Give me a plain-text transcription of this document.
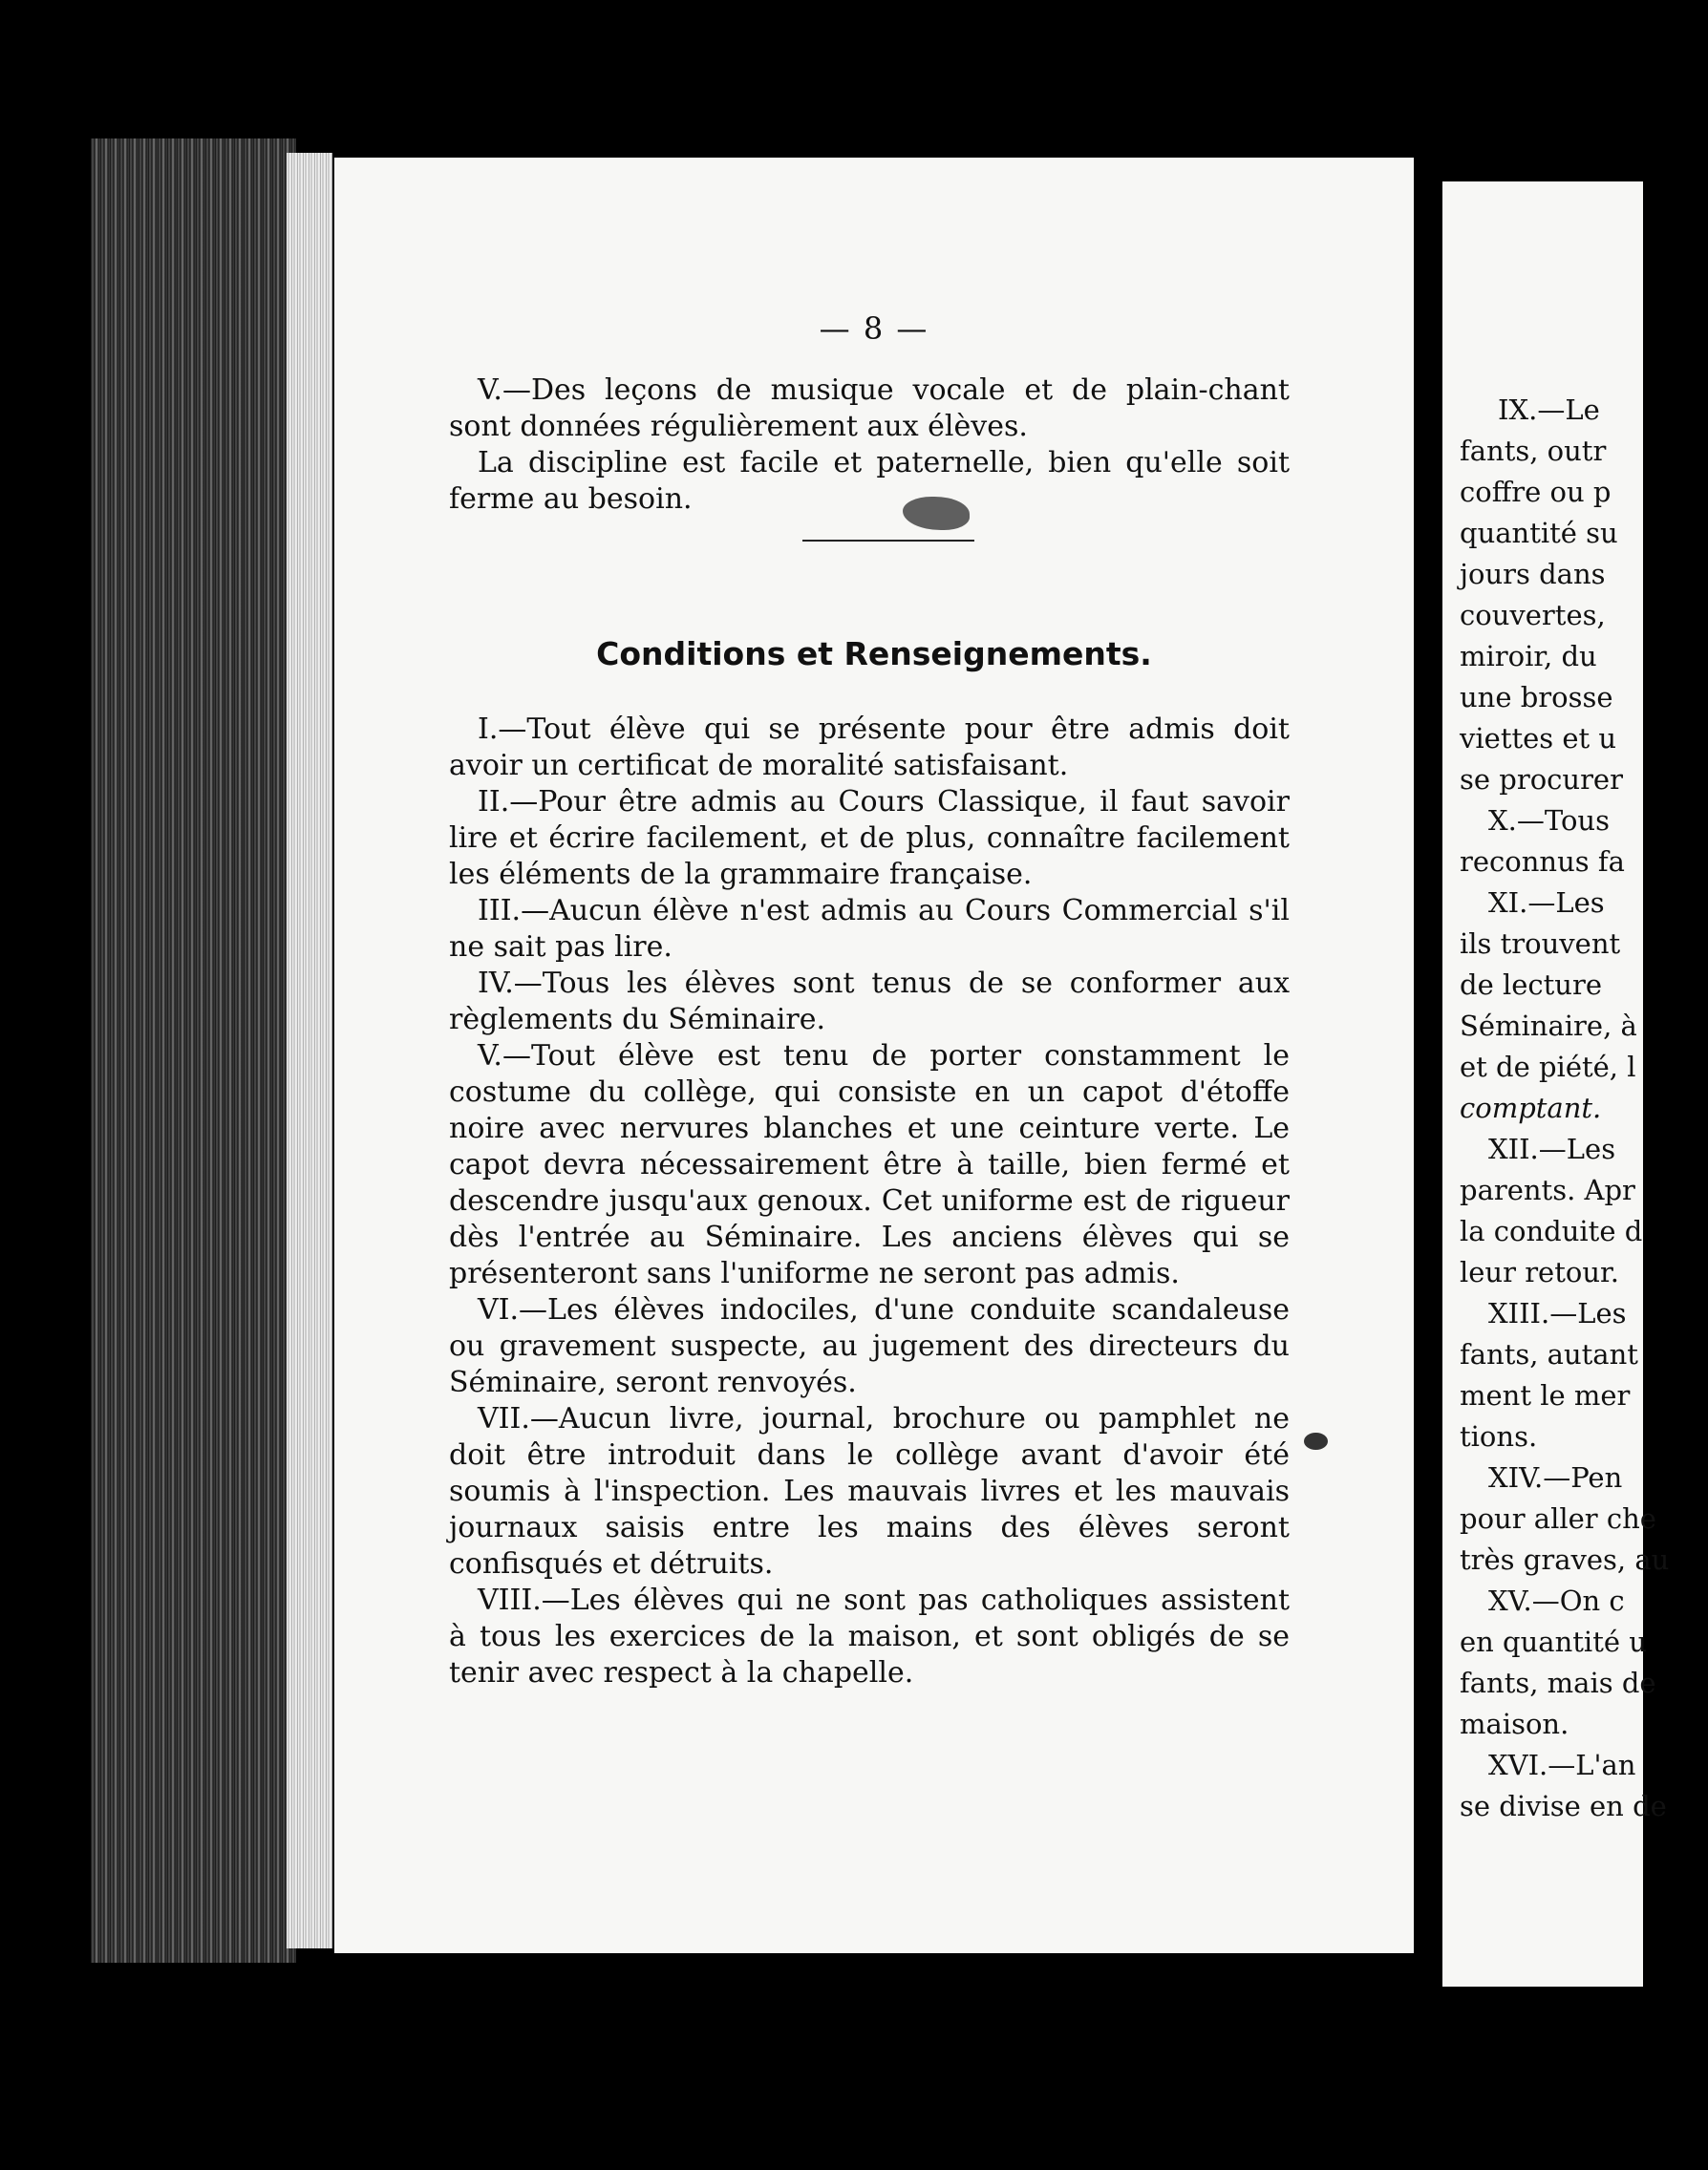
— 8 —

V.—Des leçons de musique vocale et de plain-chant sont données régulièrement aux élèves.

La discipline est facile et paternelle, bien qu'elle soit ferme au besoin.

Conditions et Renseignements.

I.—Tout élève qui se présente pour être admis doit avoir un certificat de moralité satisfaisant.

II.—Pour être admis au Cours Classique, il faut savoir lire et écrire facilement, et de plus, connaître facilement les éléments de la grammaire française.

III.—Aucun élève n'est admis au Cours Commercial s'il ne sait pas lire.

IV.—Tous les élèves sont tenus de se conformer aux règlements du Séminaire.

V.—Tout élève est tenu de porter constamment le costume du collège, qui consiste en un capot d'étoffe noire avec nervures blanches et une ceinture verte. Le capot devra nécessairement être à taille, bien fermé et descendre jusqu'aux genoux. Cet uniforme est de rigueur dès l'entrée au Séminaire. Les anciens élèves qui se présenteront sans l'uniforme ne seront pas admis.

VI.—Les élèves indociles, d'une conduite scandaleuse ou gravement suspecte, au jugement des directeurs du Séminaire, seront renvoyés.

VII.—Aucun livre, journal, brochure ou pamphlet ne doit être introduit dans le collège avant d'avoir été soumis à l'inspection. Les mauvais livres et les mauvais journaux saisis entre les mains des élèves seront confisqués et détruits.

VIII.—Les élèves qui ne sont pas catholiques assistent à tous les exercices de la maison, et sont obligés de se tenir avec respect à la chapelle.

IX.—Le
fants, outr
coffre ou p
quantité su
jours dans
couvertes,
miroir, du
une brosse
viettes et u
se procurer
X.—Tous
reconnus fa
XI.—Les
ils trouvent
de lecture
Séminaire, à
et de piété, l
comptant.
XII.—Les
parents. Apr
la conduite d
leur retour.
XIII.—Les
fants, autant
ment le mer
tions.
XIV.—Pen
pour aller che
très graves, au
XV.—On c
en quantité u
fants, mais de
maison.
XVI.—L'an
se divise en de
